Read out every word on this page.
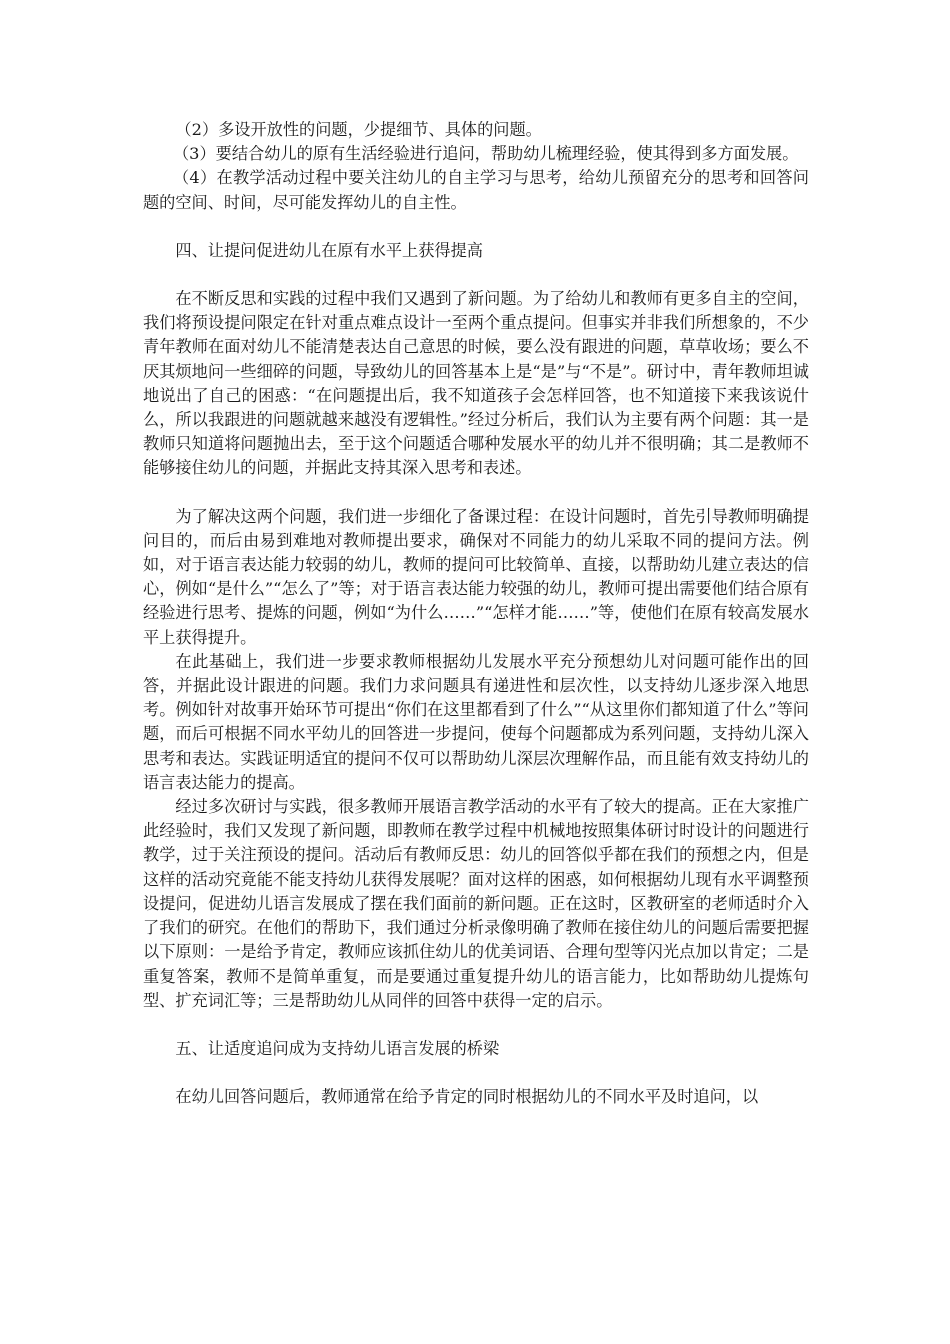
（2）多设开放性的问题，少提细节、具体的问题。

（3）要结合幼儿的原有生活经验进行追问，帮助幼儿梳理经验，使其得到多方面发展。

（4）在教学活动过程中要关注幼儿的自主学习与思考，给幼儿预留充分的思考和回答问题的空间、时间，尽可能发挥幼儿的自主性。

四、让提问促进幼儿在原有水平上获得提高

在不断反思和实践的过程中我们又遇到了新问题。为了给幼儿和教师有更多自主的空间，我们将预设提问限定在针对重点难点设计一至两个重点提问。但事实并非我们所想象的，不少青年教师在面对幼儿不能清楚表达自己意思的时候，要么没有跟进的问题，草草收场；要么不厌其烦地问一些细碎的问题，导致幼儿的回答基本上是“是”与“不是”。研讨中，青年教师坦诚地说出了自己的困惑：“在问题提出后，我不知道孩子会怎样回答，也不知道接下来我该说什么，所以我跟进的问题就越来越没有逻辑性。”经过分析后，我们认为主要有两个问题：其一是教师只知道将问题抛出去，至于这个问题适合哪种发展水平的幼儿并不很明确；其二是教师不能够接住幼儿的问题，并据此支持其深入思考和表述。

为了解决这两个问题，我们进一步细化了备课过程：在设计问题时，首先引导教师明确提问目的，而后由易到难地对教师提出要求，确保对不同能力的幼儿采取不同的提问方法。例如，对于语言表达能力较弱的幼儿，教师的提问可比较简单、直接，以帮助幼儿建立表达的信心，例如“是什么”“怎么了”等；对于语言表达能力较强的幼儿，教师可提出需要他们结合原有经验进行思考、提炼的问题，例如“为什么……”“怎样才能……”等，使他们在原有较高发展水平上获得提升。

在此基础上，我们进一步要求教师根据幼儿发展水平充分预想幼儿对问题可能作出的回答，并据此设计跟进的问题。我们力求问题具有递进性和层次性，以支持幼儿逐步深入地思考。例如针对故事开始环节可提出“你们在这里都看到了什么”“从这里你们都知道了什么”等问题，而后可根据不同水平幼儿的回答进一步提问，使每个问题都成为系列问题，支持幼儿深入思考和表达。实践证明适宜的提问不仅可以帮助幼儿深层次理解作品，而且能有效支持幼儿的语言表达能力的提高。

经过多次研讨与实践，很多教师开展语言教学活动的水平有了较大的提高。正在大家推广此经验时，我们又发现了新问题，即教师在教学过程中机械地按照集体研讨时设计的问题进行教学，过于关注预设的提问。活动后有教师反思：幼儿的回答似乎都在我们的预想之内，但是这样的活动究竟能不能支持幼儿获得发展呢？面对这样的困惑，如何根据幼儿现有水平调整预设提问，促进幼儿语言发展成了摆在我们面前的新问题。正在这时，区教研室的老师适时介入了我们的研究。在他们的帮助下，我们通过分析录像明确了教师在接住幼儿的问题后需要把握以下原则：一是给予肯定，教师应该抓住幼儿的优美词语、合理句型等闪光点加以肯定；二是重复答案，教师不是简单重复，而是要通过重复提升幼儿的语言能力，比如帮助幼儿提炼句型、扩充词汇等；三是帮助幼儿从同伴的回答中获得一定的启示。

五、让适度追问成为支持幼儿语言发展的桥梁

在幼儿回答问题后，教师通常在给予肯定的同时根据幼儿的不同水平及时追问，以
